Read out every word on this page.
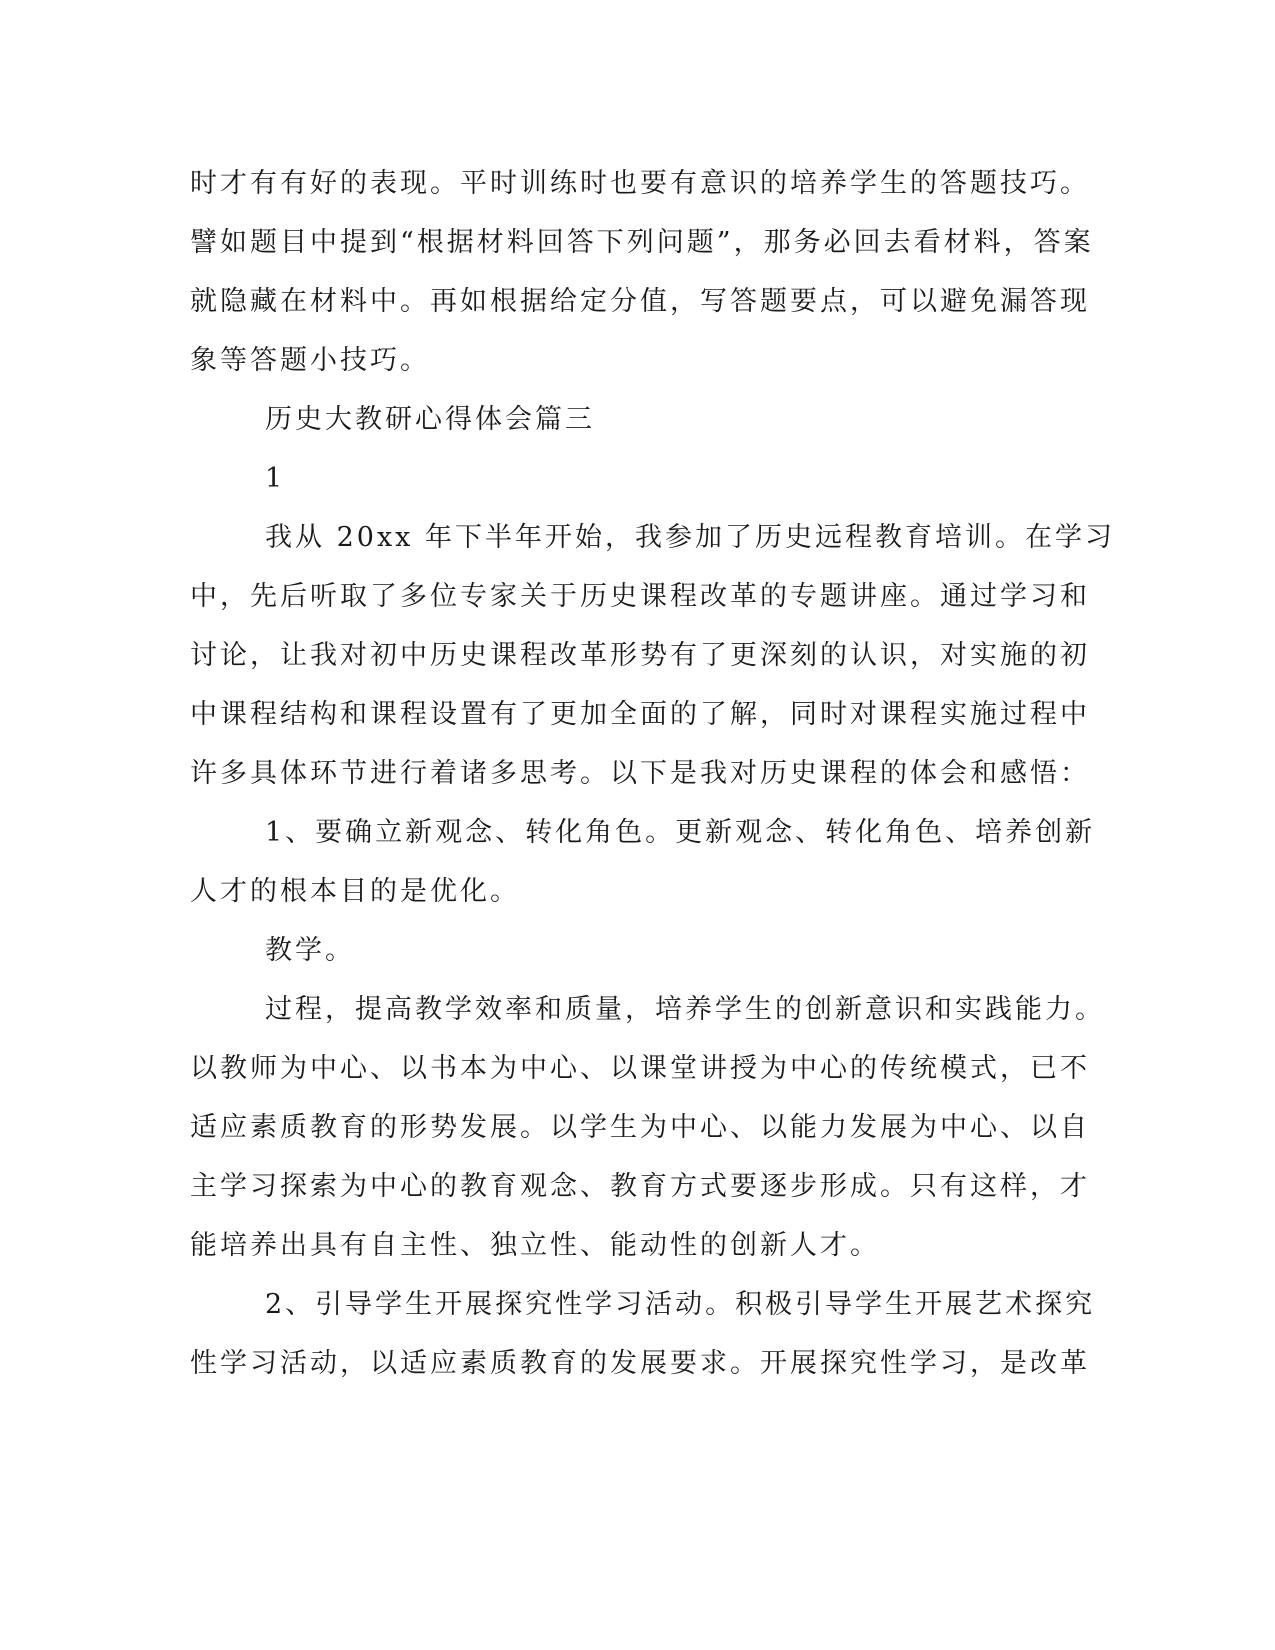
时才有有好的表现。平时训练时也要有意识的培养学生的答题技巧。
譬如题目中提到“根据材料回答下列问题”，那务必回去看材料，答案
就隐藏在材料中。再如根据给定分值，写答题要点，可以避免漏答现
象等答题小技巧。
历史大教研心得体会篇三
1
我从 20xx 年下半年开始，我参加了历史远程教育培训。在学习
中，先后听取了多位专家关于历史课程改革的专题讲座。通过学习和
讨论，让我对初中历史课程改革形势有了更深刻的认识，对实施的初
中课程结构和课程设置有了更加全面的了解，同时对课程实施过程中
许多具体环节进行着诸多思考。以下是我对历史课程的体会和感悟：
1、要确立新观念、转化角色。更新观念、转化角色、培养创新
人才的根本目的是优化。
教学。
过程，提高教学效率和质量，培养学生的创新意识和实践能力。
以教师为中心、以书本为中心、以课堂讲授为中心的传统模式，已不
适应素质教育的形势发展。以学生为中心、以能力发展为中心、以自
主学习探索为中心的教育观念、教育方式要逐步形成。只有这样，才
能培养出具有自主性、独立性、能动性的创新人才。
2、引导学生开展探究性学习活动。积极引导学生开展艺术探究
性学习活动，以适应素质教育的发展要求。开展探究性学习，是改革
